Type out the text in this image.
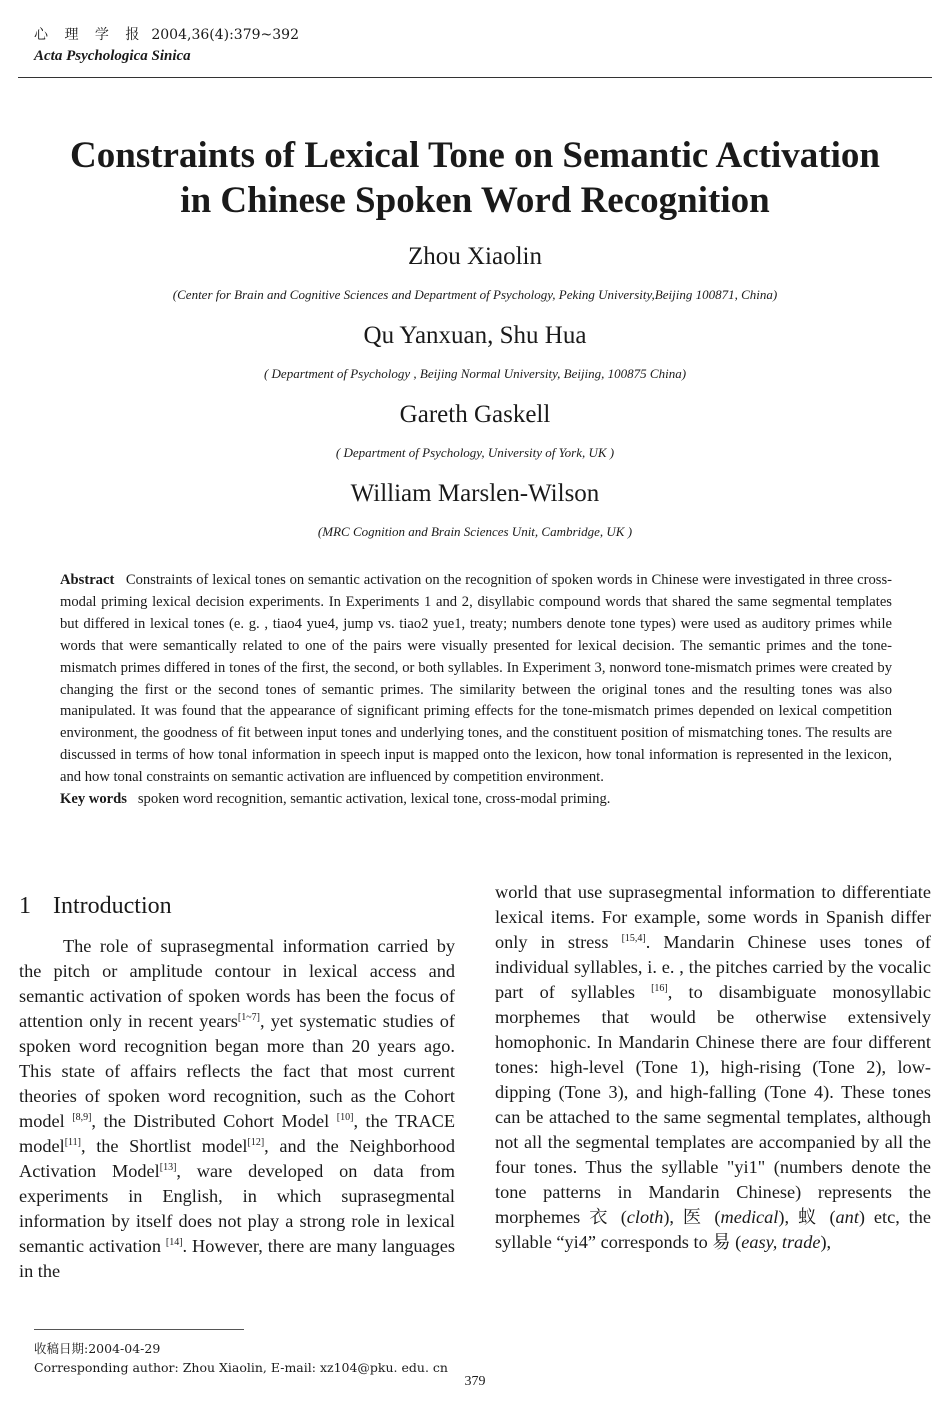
心 理 学 报 2004,36(4):379~392
Acta Psychologica Sinica
Constraints of Lexical Tone on Semantic Activation
in Chinese Spoken Word Recognition
Zhou Xiaolin
(Center for Brain and Cognitive Sciences and Department of Psychology, Peking University,Beijing 100871, China)
Qu Yanxuan, Shu Hua
( Department of Psychology , Beijing Normal University, Beijing, 100875 China)
Gareth Gaskell
( Department of Psychology, University of York, UK )
William Marslen-Wilson
(MRC Cognition and Brain Sciences Unit, Cambridge, UK )
Abstract Constraints of lexical tones on semantic activation on the recognition of spoken words in Chinese were investigated in three cross-modal priming lexical decision experiments. In Experiments 1 and 2, disyllabic compound words that shared the same segmental templates but differed in lexical tones (e. g. , tiao4 yue4, jump vs. tiao2 yue1, treaty; numbers denote tone types) were used as auditory primes while words that were semantically related to one of the pairs were visually presented for lexical decision. The semantic primes and the tone-mismatch primes differed in tones of the first, the second, or both syllables. In Experiment 3, nonword tone-mismatch primes were created by changing the first or the second tones of semantic primes. The similarity between the original tones and the resulting tones was also manipulated. It was found that the appearance of significant priming effects for the tone-mismatch primes depended on lexical competition environment, the goodness of fit between input tones and underlying tones, and the constituent position of mismatching tones. The results are discussed in terms of how tonal information in speech input is mapped onto the lexicon, how tonal information is represented in the lexicon, and how tonal constraints on semantic activation are influenced by competition environment.
Key words spoken word recognition, semantic activation, lexical tone, cross-modal priming.
1 Introduction

The role of suprasegmental information carried by the pitch or amplitude contour in lexical access and semantic activation of spoken words has been the focus of attention only in recent years[1~7], yet systematic studies of spoken word recognition began more than 20 years ago. This state of affairs reflects the fact that most current theories of spoken word recognition, such as the Cohort model [8,9], the Distributed Cohort Model [10], the TRACE model[11], the Shortlist model[12], and the Neighborhood Activation Model[13], ware developed on data from experiments in English, in which suprasegmental information by itself does not play a strong role in lexical semantic activation [14]. However, there are many languages in the

world that use suprasegmental information to differentiate lexical items. For example, some words in Spanish differ only in stress [15,4]. Mandarin Chinese uses tones of individual syllables, i. e. , the pitches carried by the vocalic part of syllables [16], to disambiguate monosyllabic morphemes that would be otherwise extensively homophonic. In Mandarin Chinese there are four different tones: high-level (Tone 1), high-rising (Tone 2), low-dipping (Tone 3), and high-falling (Tone 4). These tones can be attached to the same segmental templates, although not all the segmental templates are accompanied by all the four tones. Thus the syllable "yi1" (numbers denote the tone patterns in Mandarin Chinese) represents the morphemes 衣 (cloth), 医 (medical), 蚁 (ant) etc, the syllable “yi4” corresponds to 易 (easy, trade),

收稿日期:2004-04-29
Corresponding author: Zhou Xiaolin, E-mail: xz104@pku. edu. cn
379
